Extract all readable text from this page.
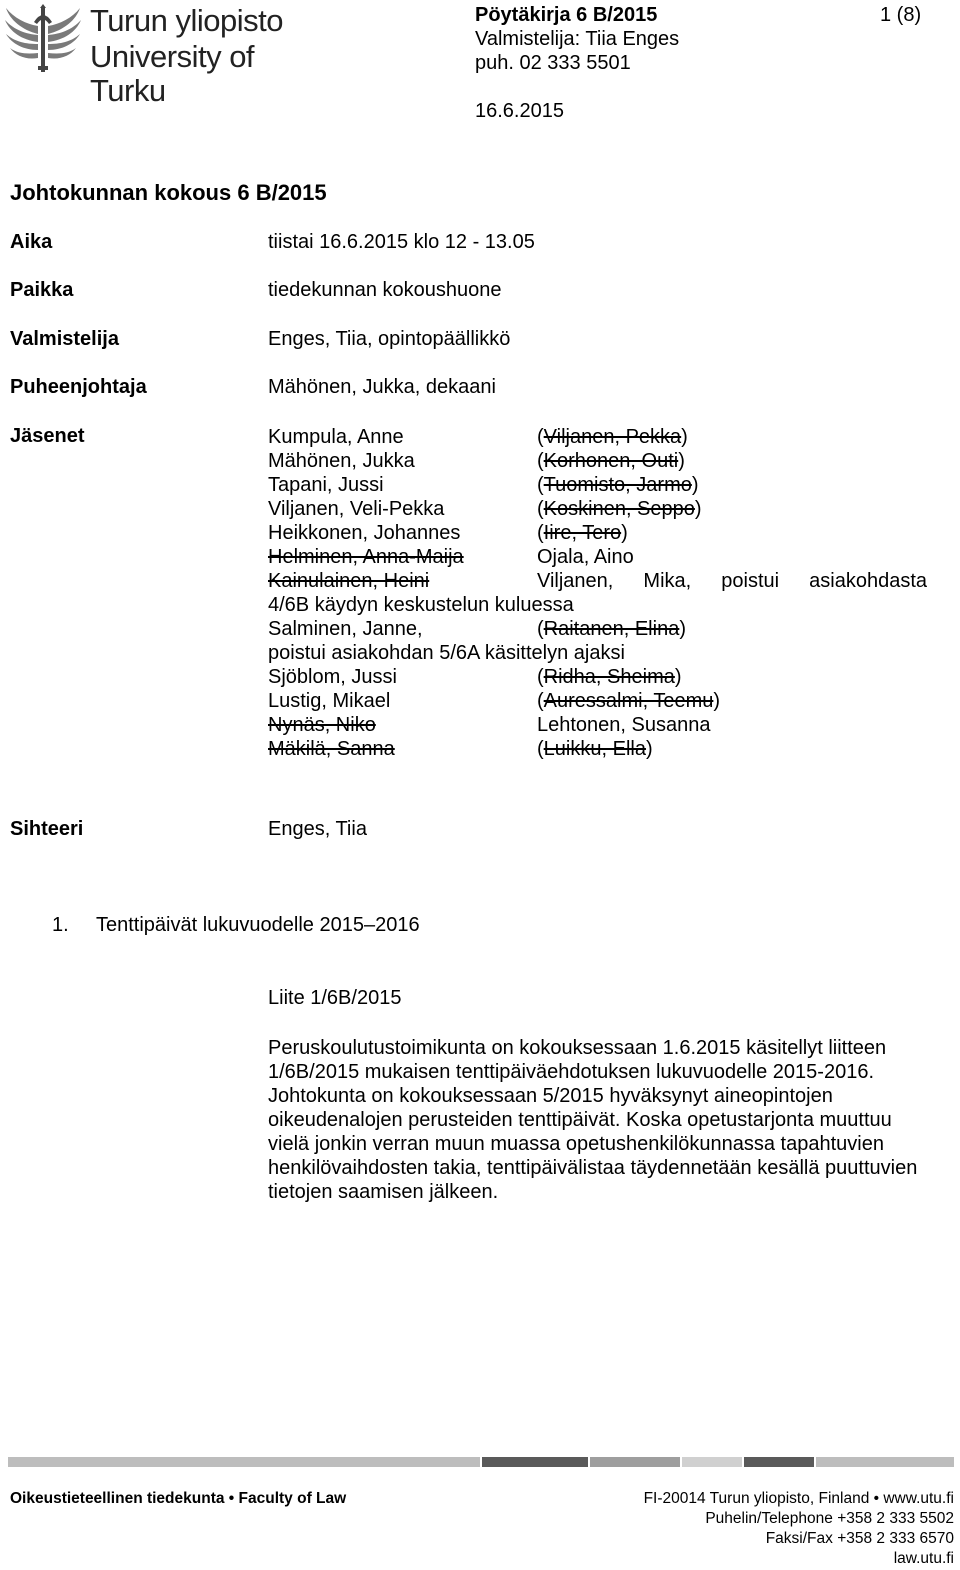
Turun yliopisto
University of Turku
Pöytäkirja 6 B/2015	1 (8)
Valmistelija: Tiia Enges
puh. 02 333 5501
16.6.2015
Johtokunnan kokous 6 B/2015
Aika	tiistai 16.6.2015 klo 12 - 13.05
Paikka	tiedekunnan kokoushuone
Valmistelija	Enges, Tiia, opintopäällikkö
Puheenjohtaja	Mähönen, Jukka, dekaani
Jäsenet	Kumpula, Anne	(Viljanen, Pekka)
Mähönen, Jukka	(Korhonen, Outi)
Tapani, Jussi	(Tuomisto, Jarmo)
Viljanen, Veli-Pekka	(Koskinen, Seppo)
Heikkonen, Johannes	(Iire, Tero)
Helminen, Anna-Maija	Ojala, Aino
Kainulainen, Heini	Viljanen, Mika, poistui asiakohdasta
4/6B käydyn keskustelun kuluessa
Salminen, Janne,	(Raitanen, Elina)
poistui asiakohdan 5/6A käsittelyn ajaksi
Sjöblom, Jussi	(Ridha, Sheima)
Lustig, Mikael	(Auressalmi, Teemu)
Nynäs, Niko	Lehtonen, Susanna
Mäkilä, Sanna	(Luikku, Ella)
Sihteeri	Enges, Tiia
1. Tenttipäivät lukuvuodelle 2015–2016
Liite 1/6B/2015
Peruskoulutustoimikunta on kokouksessaan 1.6.2015 käsitellyt liitteen 1/6B/2015 mukaisen tenttipäiväehdotuksen lukuvuodelle 2015-2016. Johtokunta on kokouksessaan 5/2015 hyväksynyt aineopintojen oikeudenalojen perusteiden tenttipäivät. Koska opetustarjonta muuttuu vielä jonkin verran muun muassa opetushenkilökunnassa tapahtuvien henkilövaihdosten takia, tenttipäivälistaa täydennetään kesällä puuttuvien tietojen saamisen jälkeen.
Oikeustieteellinen tiedekunta • Faculty of Law	FI-20014 Turun yliopisto, Finland • www.utu.fi
Puhelin/Telephone +358 2 333 5502
Faksi/Fax +358 2 333 6570
law.utu.fi
